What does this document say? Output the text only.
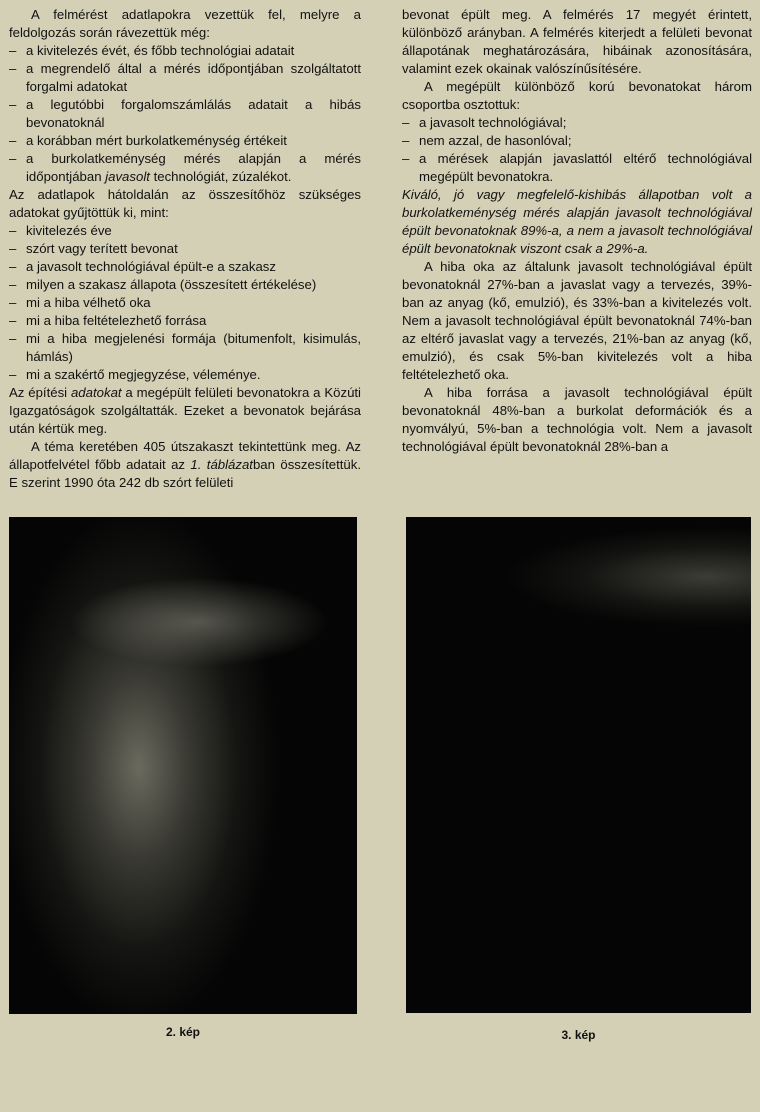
A felmérést adatlapokra vezettük fel, melyre a feldolgozás során rávezettük még:

– a kivitelezés évét, és főbb technológiai adatait
– a megrendelő által a mérés időpontjában szolgáltatott forgalmi adatokat
– a legutóbbi forgalomszámlálás adatait a hibás bevonatoknál
– a korábban mért burkolatkeménység értékeit
– a burkolatkeménység mérés alapján a mérés időpontjában javasolt technológiát, zúzalékot.

Az adatlapok hátoldalán az összesítőhöz szükséges adatokat gyűjtöttük ki, mint:

– kivitelezés éve
– szórt vagy terített bevonat
– a javasolt technológiával épült-e a szakasz
– milyen a szakasz állapota (összesített értékelése)
– mi a hiba vélhető oka
– mi a hiba feltételezhető forrása
– mi a hiba megjelenési formája (bitumenfolt, kisimulás, hámlás)
– mi a szakértő megjegyzése, véleménye.

Az építési adatokat a megépült felületi bevonatokra a Közúti Igazgatóságok szolgáltatták. Ezeket a bevonatok bejárása után kértük meg.

A téma keretében 405 útszakaszt tekintettünk meg. Az állapotfelvétel főbb adatait az 1. táblázatban összesítettük. E szerint 1990 óta 242 db szórt felületi

bevonat épült meg. A felmérés 17 megyét érintett, különböző arányban. A felmérés kiterjedt a felületi bevonat állapotának meghatározására, hibáinak azonosítására, valamint ezek okainak valószínűsítésére.

A megépült különböző korú bevonatokat három csoportba osztottuk:

– a javasolt technológiával;
– nem azzal, de hasonlóval;
– a mérések alapján javaslattól eltérő technológiával megépült bevonatokra.

Kiváló, jó vagy megfelelő-kishibás állapotban volt a burkolatkeménység mérés alapján javasolt technológiával épült bevonatoknak 89%-a, a nem a javasolt technológiával épült bevonatoknak viszont csak a 29%-a.

A hiba oka az általunk javasolt technológiával épült bevonatoknál 27%-ban a javaslat vagy a tervezés, 39%-ban az anyag (kő, emulzió), és 33%-ban a kivitelezés volt. Nem a javasolt technológiával épült bevonatoknál 74%-ban az eltérő javaslat vagy a tervezés, 21%-ban az anyag (kő, emulzió), és csak 5%-ban kivitelezés volt a hiba feltételezhető oka.

A hiba forrása a javasolt technológiával épült bevonatoknál 48%-ban a burkolat deformációk és a nyomvályú, 5%-ban a technológia volt. Nem a javasolt technológiával épült bevonatoknál 28%-ban a

2. kép	3. kép
